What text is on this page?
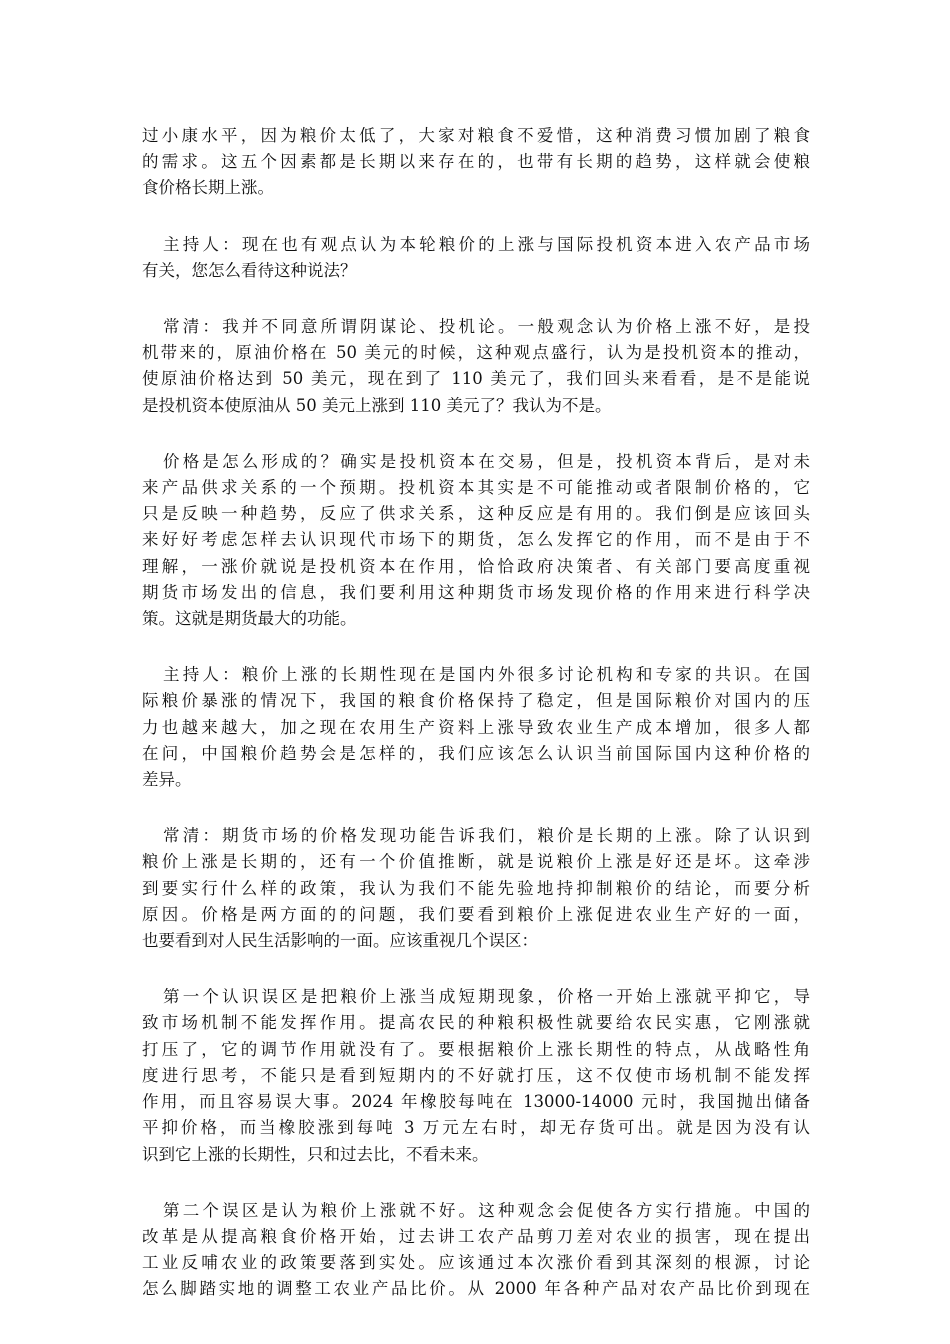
过小康水平，因为粮价太低了，大家对粮食不爱惜，这种消费习惯加剧了粮食
的需求。这五个因素都是长期以来存在的，也带有长期的趋势，这样就会使粮
食价格长期上涨。

主持人：现在也有观点认为本轮粮价的上涨与国际投机资本进入农产品市场
有关，您怎么看待这种说法？

常清：我并不同意所谓阴谋论、投机论。一般观念认为价格上涨不好，是投
机带来的，原油价格在 50 美元的时候，这种观点盛行，认为是投机资本的推动，
使原油价格达到 50 美元，现在到了 110 美元了，我们回头来看看，是不是能说
是投机资本使原油从 50 美元上涨到 110 美元了？我认为不是。

价格是怎么形成的？确实是投机资本在交易，但是，投机资本背后，是对未
来产品供求关系的一个预期。投机资本其实是不可能推动或者限制价格的，它
只是反映一种趋势，反应了供求关系，这种反应是有用的。我们倒是应该回头
来好好考虑怎样去认识现代市场下的期货，怎么发挥它的作用，而不是由于不
理解，一涨价就说是投机资本在作用，恰恰政府决策者、有关部门要高度重视
期货市场发出的信息，我们要利用这种期货市场发现价格的作用来进行科学决
策。这就是期货最大的功能。

主持人：粮价上涨的长期性现在是国内外很多讨论机构和专家的共识。在国
际粮价暴涨的情况下，我国的粮食价格保持了稳定，但是国际粮价对国内的压
力也越来越大，加之现在农用生产资料上涨导致农业生产成本增加，很多人都
在问，中国粮价趋势会是怎样的，我们应该怎么认识当前国际国内这种价格的
差异。

常清：期货市场的价格发现功能告诉我们，粮价是长期的上涨。除了认识到
粮价上涨是长期的，还有一个价值推断，就是说粮价上涨是好还是坏。这牵涉
到要实行什么样的政策，我认为我们不能先验地持抑制粮价的结论，而要分析
原因。价格是两方面的的问题，我们要看到粮价上涨促进农业生产好的一面，
也要看到对人民生活影响的一面。应该重视几个误区：

第一个认识误区是把粮价上涨当成短期现象，价格一开始上涨就平抑它，导
致市场机制不能发挥作用。提高农民的种粮积极性就要给农民实惠，它刚涨就
打压了，它的调节作用就没有了。要根据粮价上涨长期性的特点，从战略性角
度进行思考，不能只是看到短期内的不好就打压，这不仅使市场机制不能发挥
作用，而且容易误大事。2024 年橡胶每吨在 13000-14000 元时，我国抛出储备
平抑价格，而当橡胶涨到每吨 3 万元左右时，却无存货可出。就是因为没有认
识到它上涨的长期性，只和过去比，不看未来。

第二个误区是认为粮价上涨就不好。这种观念会促使各方实行措施。中国的
改革是从提高粮食价格开始，过去讲工农产品剪刀差对农业的损害，现在提出
工业反哺农业的政策要落到实处。应该通过本次涨价看到其深刻的根源，讨论
怎么脚踏实地的调整工农业产品比价。从 2000 年各种产品对农产品比价到现在
